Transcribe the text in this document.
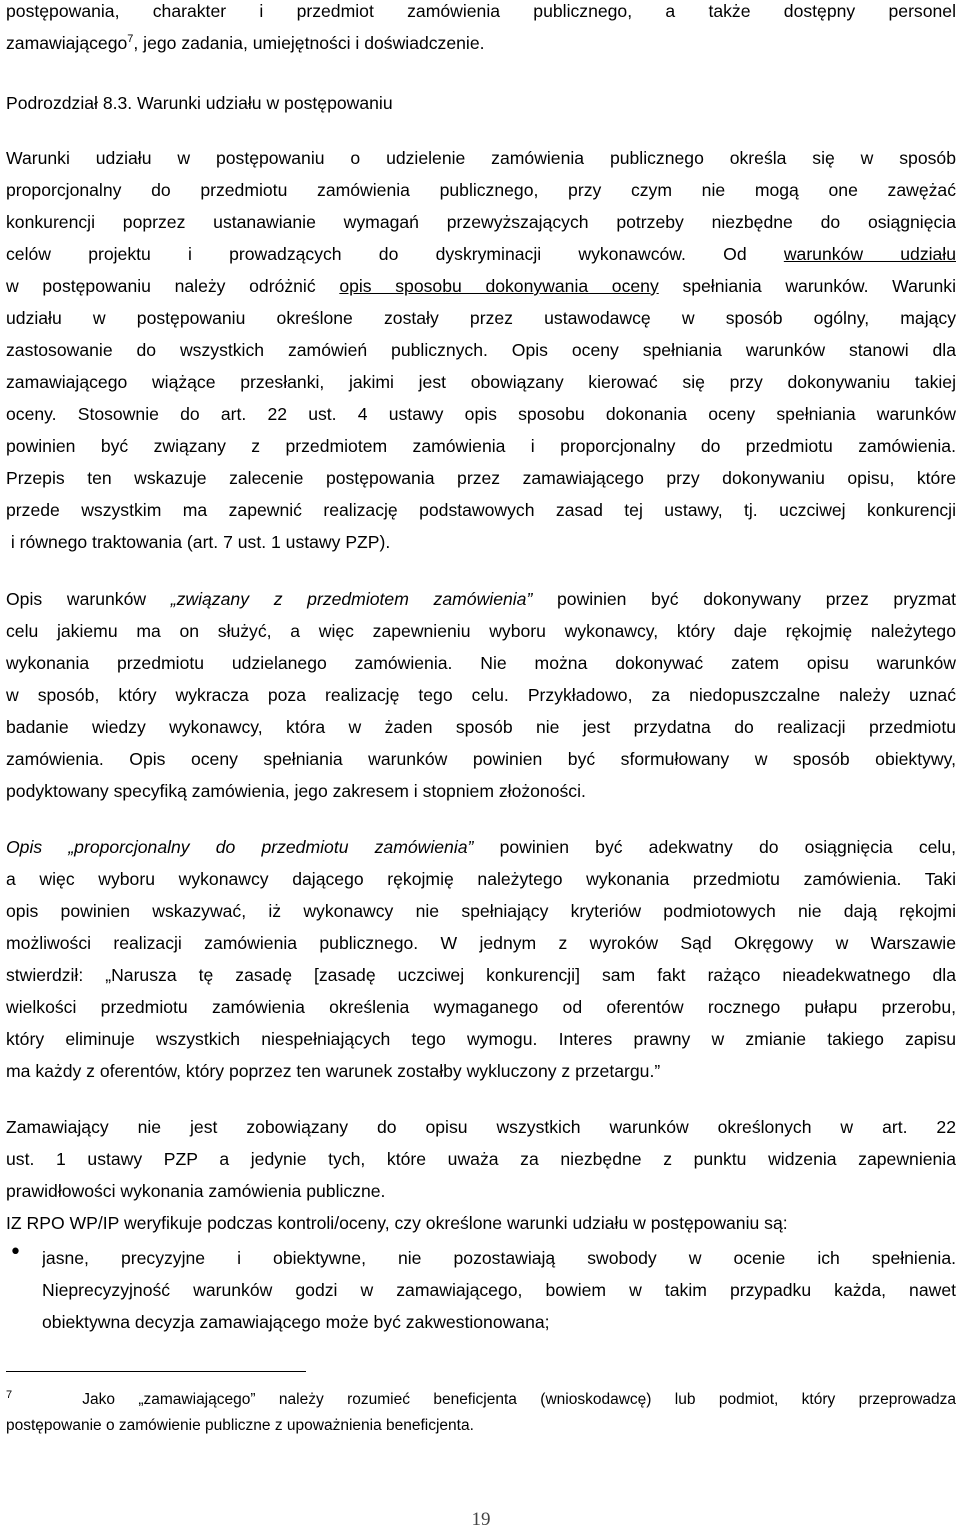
postępowania, charakter i przedmiot zamówienia publicznego, a także dostępny personel
zamawiającego$^7$, jego zadania, umiejętności i doświadczenie.
Podrozdział 8.3. Warunki udziału w postępowaniu
Warunki udziału w postępowaniu o udzielenie zamówienia publicznego określa się w sposób
proporcjonalny do przedmiotu zamówienia publicznego, przy czym nie mogą one zawężać
konkurencji poprzez ustanawianie wymagań przewyższających potrzeby niezbędne do osiągnięcia
celów projektu i prowadzących do dyskryminacji wykonawców. Od warunków udziału
w postępowaniu należy odróżnić opis sposobu dokonywania oceny spełniania warunków. Warunki
udziału w postępowaniu określone zostały przez ustawodawcę w sposób ogólny, mający
zastosowanie do wszystkich zamówień publicznych. Opis oceny spełniania warunków stanowi dla
zamawiającego wiążące przesłanki, jakimi jest obowiązany kierować się przy dokonywaniu takiej
oceny. Stosownie do art. 22 ust. 4 ustawy opis sposobu dokonania oceny spełniania warunków
powinien być związany z przedmiotem zamówienia i proporcjonalny do przedmiotu zamówienia.
Przepis ten wskazuje zalecenie postępowania przez zamawiającego przy dokonywaniu opisu, które
przede wszystkim ma zapewnić realizację podstawowych zasad tej ustawy, tj. uczciwej konkurencji
i równego traktowania (art. 7 ust. 1 ustawy PZP).
Opis warunków „związany z przedmiotem zamówienia” powinien być dokonywany przez pryzmat
celu jakiemu ma on służyć, a więc zapewnieniu wyboru wykonawcy, który daje rękojmię należytego
wykonania przedmiotu udzielanego zamówienia. Nie można dokonywać zatem opisu warunków
w sposób, który wykracza poza realizację tego celu. Przykładowo, za niedopuszczalne należy uznać
badanie wiedzy wykonawcy, która w żaden sposób nie jest przydatna do realizacji przedmiotu
zamówienia. Opis oceny spełniania warunków powinien być sformułowany w sposób obiektywy,
podyktowany specyfiką zamówienia, jego zakresem i stopniem złożoności.
Opis „proporcjonalny do przedmiotu zamówienia” powinien być adekwatny do osiągnięcia celu,
a więc wyboru wykonawcy dającego rękojmię należytego wykonania przedmiotu zamówienia. Taki
opis powinien wskazywać, iż wykonawcy nie spełniający kryteriów podmiotowych nie dają rękojmi
możliwości realizacji zamówienia publicznego. W jednym z wyroków Sąd Okręgowy w Warszawie
stwierdził: „Narusza tę zasadę [zasadę uczciwej konkurencji] sam fakt rażąco nieadekwatnego dla
wielkości przedmiotu zamówienia określenia wymaganego od oferentów rocznego pułapu przerobu,
który eliminuje wszystkich niespełniających tego wymogu. Interes prawny w zmianie takiego zapisu
ma każdy z oferentów, który poprzez ten warunek zostałby wykluczony z przetargu.”
Zamawiający nie jest zobowiązany do opisu wszystkich warunków określonych w art. 22
ust. 1 ustawy PZP a jedynie tych, które uważa za niezbędne z punktu widzenia zapewnienia
prawidłowości wykonania zamówienia publiczne.
IZ RPO WP/IP weryfikuje podczas kontroli/oceny, czy określone warunki udziału w postępowaniu są:
• jasne, precyzyjne i obiektywne, nie pozostawiają swobody w ocenie ich spełnienia.
Nieprecyzyjność warunków godzi w zamawiającego, bowiem w takim przypadku każda, nawet
obiektywna decyzja zamawiającego może być zakwestionowana;
$^7$	Jako „zamawiającego” należy rozumieć beneficjenta (wnioskodawcę) lub podmiot, który przeprowadza
postępowanie o zamówienie publiczne z upoważnienia beneficjenta.
19
